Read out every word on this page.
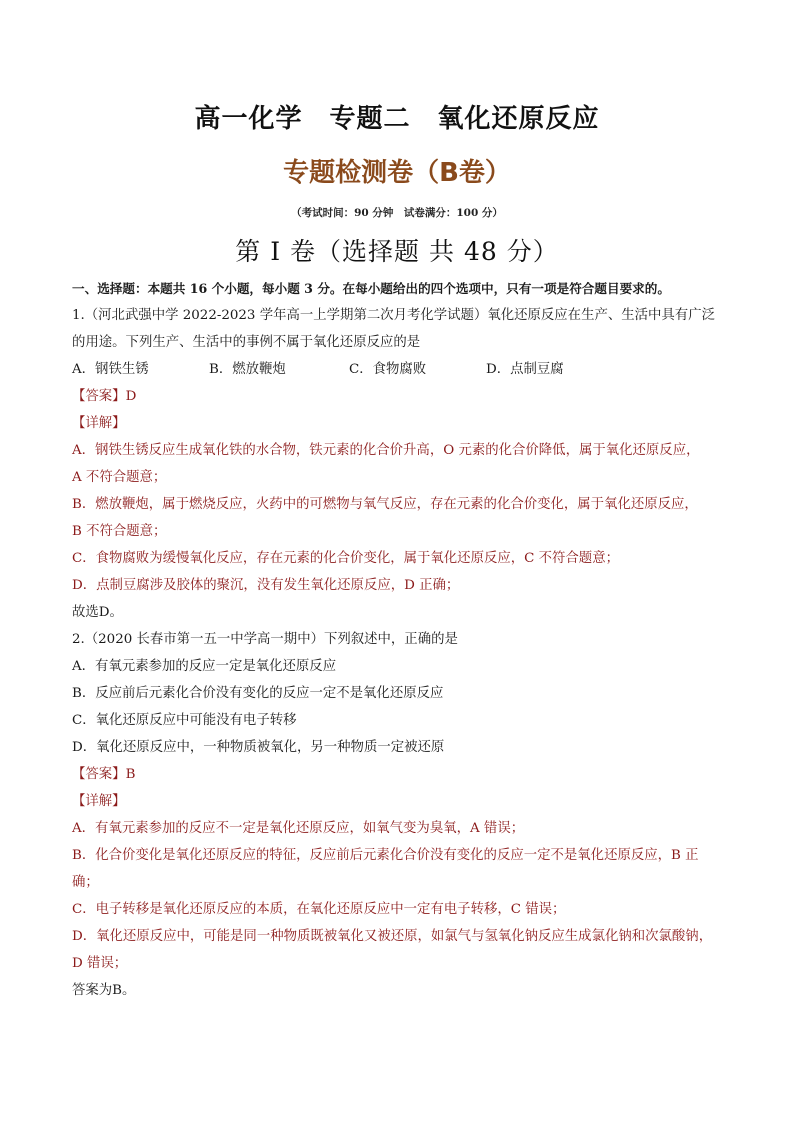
高一化学　专题二　氧化还原反应
专题检测卷（B卷）
（考试时间：90 分钟　试卷满分：100 分）
第 I 卷（选择题 共 48 分）
一、选择题：本题共 16 个小题，每小题 3 分。在每小题给出的四个选项中，只有一项是符合题目要求的。
1.（河北武强中学 2022-2023 学年高一上学期第二次月考化学试题）氧化还原反应在生产、生活中具有广泛
的用途。下列生产、生活中的事例不属于氧化还原反应的是
A．钢铁生锈	B．燃放鞭炮	C．食物腐败	D．点制豆腐
【答案】D
【详解】
A．钢铁生锈反应生成氧化铁的水合物，铁元素的化合价升高，O 元素的化合价降低，属于氧化还原反应，
A 不符合题意；
B．燃放鞭炮，属于燃烧反应，火药中的可燃物与氧气反应，存在元素的化合价变化，属于氧化还原反应，
B 不符合题意；
C．食物腐败为缓慢氧化反应，存在元素的化合价变化，属于氧化还原反应，C 不符合题意；
D．点制豆腐涉及胶体的聚沉，没有发生氧化还原反应，D 正确；
故选D。
2.（2020 长春市第一五一中学高一期中）下列叙述中，正确的是
A．有氧元素参加的反应一定是氧化还原反应
B．反应前后元素化合价没有变化的反应一定不是氧化还原反应
C．氧化还原反应中可能没有电子转移
D．氧化还原反应中，一种物质被氧化，另一种物质一定被还原
【答案】B
【详解】
A．有氧元素参加的反应不一定是氧化还原反应，如氧气变为臭氧，A 错误；
B．化合价变化是氧化还原反应的特征，反应前后元素化合价没有变化的反应一定不是氧化还原反应，B 正
确；
C．电子转移是氧化还原反应的本质，在氧化还原反应中一定有电子转移，C 错误；
D．氧化还原反应中，可能是同一种物质既被氧化又被还原，如氯气与氢氧化钠反应生成氯化钠和次氯酸钠，
D 错误；
答案为B。
